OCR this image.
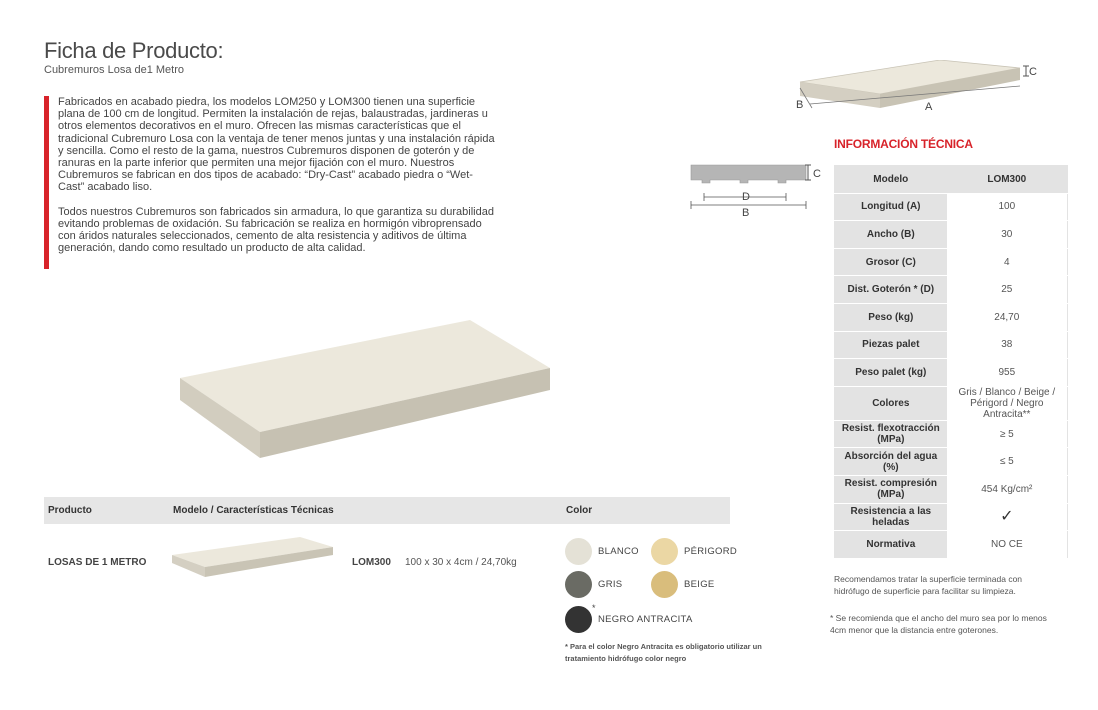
Ficha de Producto:
Cubremuros Losa de1 Metro

Fabricados en acabado piedra, los modelos LOM250 y LOM300 tienen una superficie plana de 100 cm de longitud. Permiten la instalación de rejas, balaustradas, jardineras u otros elementos decorativos en el muro. Ofrecen las mismas características que el tradicional Cubremuro Losa con la ventaja de tener menos juntas y una instalación rápida y sencilla. Como el resto de la gama, nuestros Cubremuros disponen de goterón y de ranuras en la parte inferior que permiten una mejor fijación con el muro. Nuestros Cubremuros se fabrican en dos tipos de acabado: “Dry-Cast” acabado piedra o “Wet-Cast” acabado liso.

Todos nuestros Cubremuros son fabricados sin armadura, lo que garantiza su durabilidad evitando problemas de oxidación. Su fabricación se realiza en hormigón vibroprensado con áridos naturales seleccionados, cemento de alta resistencia y aditivos de última generación, dando como resultado un producto de alta calidad.

C
A
B
C
D
B
INFORMACIÓN TÉCNICA
Modelo	LOM300
Longitud (A)	100
Ancho (B)	30
Grosor (C)	4
Dist. Goterón * (D)	25
Peso (kg)	24,70
Piezas palet	38
Peso palet (kg)	955
Colores	Gris / Blanco / Beige / Périgord / Negro Antracita**
Resist. flexotracción (MPa)	≥ 5
Absorción del agua (%)	≤ 5
Resist. compresión (MPa)	454 Kg/cm²
Resistencia a las heladas	✓
Normativa	NO CE
Recomendamos tratar la superficie terminada con hidrófugo de superficie para facilitar su limpieza.
* Se recomienda que el ancho del muro sea por lo menos 4cm menor que la distancia entre goterones.
Producto	Modelo / Características Técnicas	Color
LOSAS DE 1 METRO	LOM300 100 x 30 x 4cm / 24,70kg
BLANCO	PÉRIGORD
GRIS	BEIGE
*
NEGRO ANTRACITA
* Para el color Negro Antracita es obligatorio utilizar un tratamiento hidrófugo color negro
